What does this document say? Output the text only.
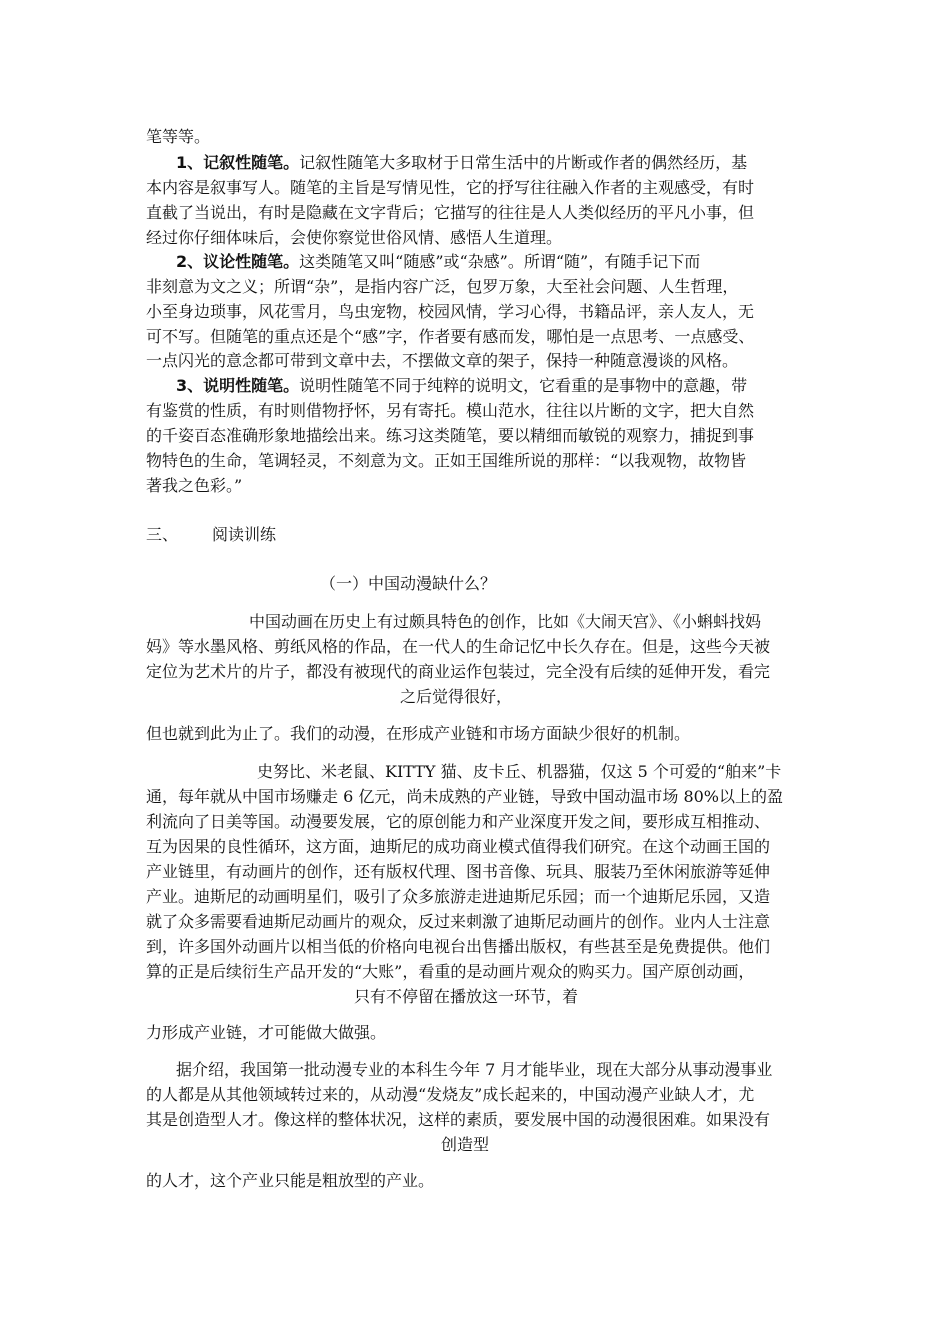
笔等等。
1、记叙性随笔。记叙性随笔大多取材于日常生活中的片断或作者的偶然经历，基
本内容是叙事写人。随笔的主旨是写情见性，它的抒写往往融入作者的主观感受，有时
直截了当说出，有时是隐藏在文字背后；它描写的往往是人人类似经历的平凡小事，但
经过你仔细体味后，会使你察觉世俗风情、感悟人生道理。
2、议论性随笔。这类随笔又叫“随感”或“杂感”。所谓“随”，有随手记下而
非刻意为文之义；所谓“杂”，是指内容广泛，包罗万象，大至社会问题、人生哲理，
小至身边琐事，风花雪月，鸟虫宠物，校园风情，学习心得，书籍品评，亲人友人，无
可不写。但随笔的重点还是个“感”字，作者要有感而发，哪怕是一点思考、一点感受、
一点闪光的意念都可带到文章中去，不摆做文章的架子，保持一种随意漫谈的风格。
3、说明性随笔。说明性随笔不同于纯粹的说明文，它看重的是事物中的意趣，带
有鉴赏的性质，有时则借物抒怀，另有寄托。模山范水，往往以片断的文字，把大自然
的千姿百态准确形象地描绘出来。练习这类随笔，要以精细而敏锐的观察力，捕捉到事
物特色的生命，笔调轻灵，不刻意为文。正如王国维所说的那样：“以我观物，故物皆
著我之色彩。”
三、 阅读训练
（一）中国动漫缺什么？
中国动画在历史上有过颇具特色的创作，比如《大闹天宫》、《小蝌蚪找妈
妈》等水墨风格、剪纸风格的作品，在一代人的生命记忆中长久存在。但是，这些今天被
定位为艺术片的片子，都没有被现代的商业运作包装过，完全没有后续的延伸开发，看完
之后觉得很好，
但也就到此为止了。我们的动漫，在形成产业链和市场方面缺少很好的机制。
史努比、米老鼠、KITTY 猫、皮卡丘、机器猫，仅这 5 个可爱的“舶来”卡
通，每年就从中国市场赚走 6 亿元，尚未成熟的产业链，导致中国动温市场 80%以上的盈
利流向了日美等国。动漫要发展，它的原创能力和产业深度开发之间，要形成互相推动、
互为因果的良性循环，这方面，迪斯尼的成功商业模式值得我们研究。在这个动画王国的
产业链里，有动画片的创作，还有版权代理、图书音像、玩具、服装乃至休闲旅游等延伸
产业。迪斯尼的动画明星们，吸引了众多旅游走进迪斯尼乐园；而一个迪斯尼乐园，又造
就了众多需要看迪斯尼动画片的观众，反过来刺激了迪斯尼动画片的创作。业内人士注意
到，许多国外动画片以相当低的价格向电视台出售播出版权，有些甚至是免费提供。他们
算的正是后续衍生产品开发的“大账”，看重的是动画片观众的购买力。国产原创动画，
只有不停留在播放这一环节，着
力形成产业链，才可能做大做强。
据介绍，我国第一批动漫专业的本科生今年 7 月才能毕业，现在大部分从事动漫事业
的人都是从其他领域转过来的，从动漫“发烧友”成长起来的，中国动漫产业缺人才，尤
其是创造型人才。像这样的整体状况，这样的素质，要发展中国的动漫很困难。如果没有
创造型
的人才，这个产业只能是粗放型的产业。
